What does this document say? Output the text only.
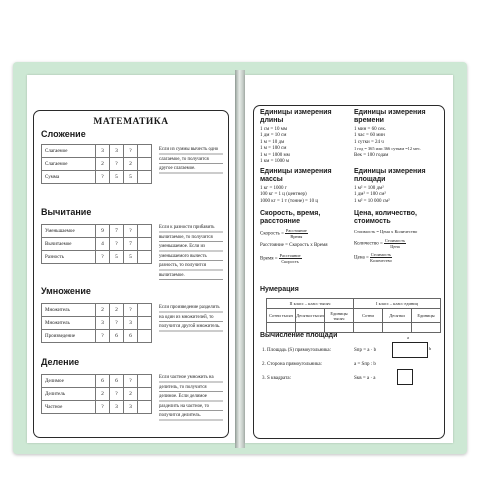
МАТЕМАТИКА
Сложение
Слагаемое	3	3	?	
Слагаемое	2	?	2	
Сумма	?	5	5	
Если из суммы вычесть одно слагаемое, то получится другое слагаемое.
Вычитание
Уменьшаемое	9	7	?	
Вычитаемое	4	?	7	
Разность	?	5	5	
Если к разности прибавить вычитаемое, то получится уменьшаемое. Если из уменьшаемого вычесть разность, то получится вычитаемое.
Умножение
Множитель	2	2	?	
Множитель	3	?	3	
Произведение	?	6	6	
Если произведение разделить на один из множителей, то получится другой множитель.
Деление
Делимое	6	6	?	
Делитель	2	?	2	
Частное	?	3	3	
Если частное умножить на делитель, то получится делимое. Если делимое разделить на частное, то получится делитель.
Единицы измерения длины
1 см = 10 мм
1 дм = 10 см
1 м = 10 дм
1 м = 100 см
1 м = 1000 мм
1 км = 1000 м
Единицы измерения времени
1 мин = 60 сек.
1 час = 60 мин
1 сутки = 24 ч
1 год = 365 или 366 суткам =12 мес.
Век = 100 годам
Единицы измерения массы
1 кг = 1000 г
100 кг = 1 ц (центнер)
1000 кг = 1 т (тонне) = 10 ц
Единицы измерения площади
1 м² = 100 дм²
1 дм² = 100 см²
1 м² = 10 000 см²
Скорость, время, расстояние
Скорость = $\frac{\text{Расстояние}}{\text{Время}}$
Расстояние = Скорость х Время
Время = $\frac{\text{Расстояние}}{\text{Скорость}}$
Цена, количество, стоимость
Стоимость = Цена х Количество
Количество = $\frac{\text{Стоимость}}{\text{Цена}}$
Цена = $\frac{\text{Стоимость}}{\text{Количество}}$
Нумерация
II класс – класс тысяч			I класс – класс единиц		
Сотни тысяч	Десятки тысяч	Единицы тысяч	Сотни	Десятки	Единицы

Вычисление площади
1. Площадь (S) прямоугольника:	Sпр = a · b
2. Сторона прямоугольника:	a = Sпр : b
3. S квадрата:	Sкв = a · a
a
b
